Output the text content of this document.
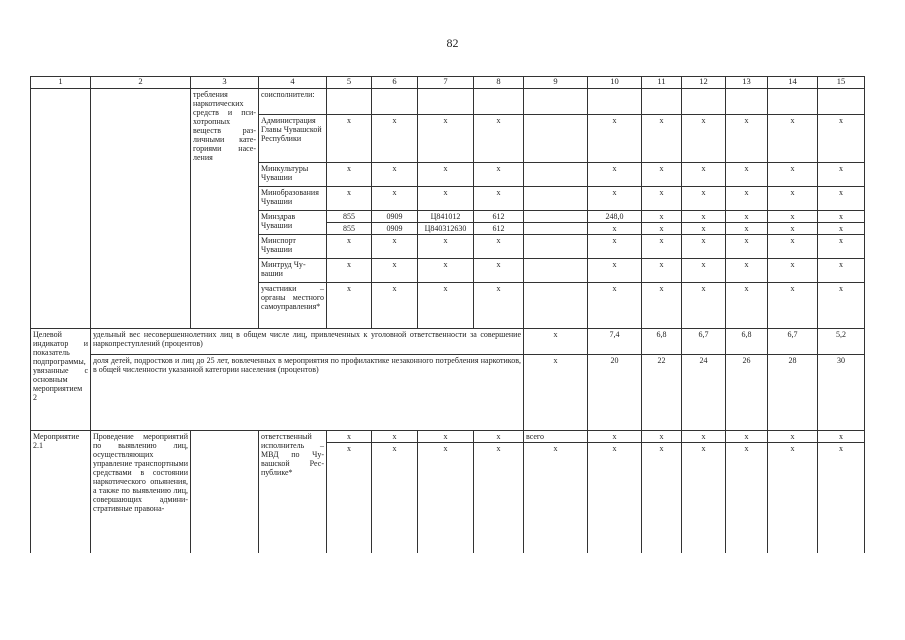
82
1	2	3	4	5	6	7	8	9	10	11	12	13	14	15
		требления наркотических средств и психотропных веществ различными категориями населения	соисполнители:											
			Администрация Главы Чувашской Республики	x	x	x	x		x	x	x	x	x	x
			Минкультуры Чувашии	x	x	x	x		x	x	x	x	x	x
			Минобразования Чувашии	x	x	x	x		x	x	x	x	x	x
			Минздрав Чувашии	855	0909	Ц841012	612		248,0	x	x	x	x	x
				855	0909	Ц840312630	612		x	x	x	x	x	x
			Минспорт Чувашии	x	x	x	x		x	x	x	x	x	x
			Минтруд Чувашии	x	x	x	x		x	x	x	x	x	x
			участники – органы местного самоуправления*	x	x	x	x		x	x	x	x	x	x
Целевой индикатор и показатель подпрограммы, увязанные с основным мероприятием 2	удельный вес несовершеннолетних лиц в общем числе лиц, привлеченных к уголовной ответственности за совершение наркопреступлений (процентов)							x	7,4	6,8	6,7	6,8	6,7	5,2
	доля детей, подростков и лиц до 25 лет, вовлеченных в мероприятия по профилактике незаконного потребления наркотиков, в общей численности указанной категории населения (процентов)							x	20	22	24	26	28	30
Мероприятие 2.1	Проведение мероприятий по выявлению лиц, осуществляющих управление транспортными средствами в состоянии наркотического опьянения, а также по выявлению лиц, совершающих административные правона-		ответственный исполнитель – МВД по Чувашской Республике*	x	x	x	x	всего	x	x	x	x	x	x
				x	x	x	x	x	x	x	x	x	x	x
